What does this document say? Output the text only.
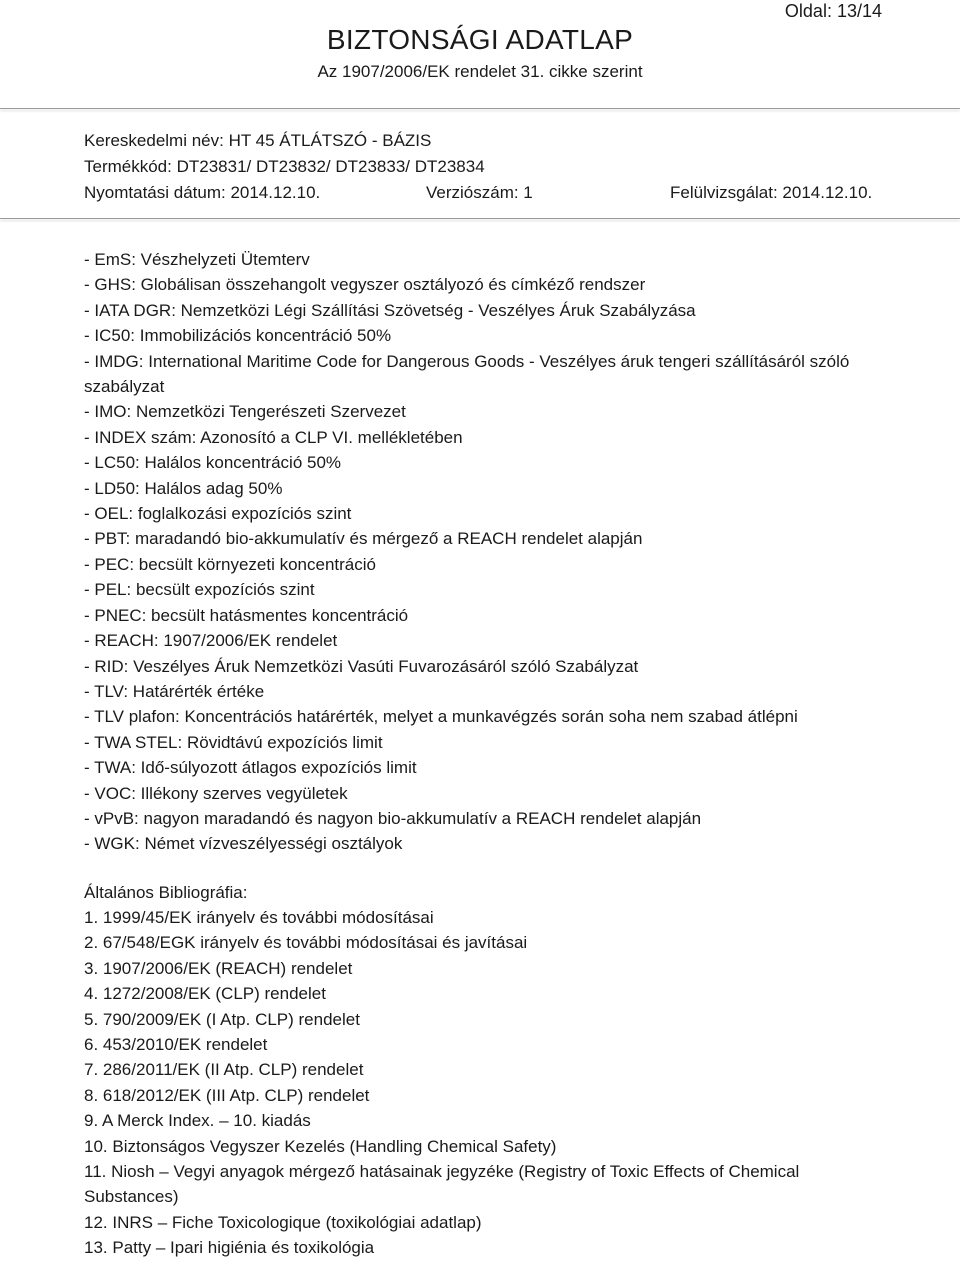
Oldal: 13/14
BIZTONSÁGI ADATLAP
Az 1907/2006/EK rendelet 31. cikke szerint
Kereskedelmi név: HT 45 ÁTLÁTSZÓ - BÁZIS
Termékkód: DT23831/ DT23832/ DT23833/ DT23834
Nyomtatási dátum: 2014.12.10.	Verziószám: 1	Felülvizsgálat: 2014.12.10.
- EmS: Vészhelyzeti Ütemterv
- GHS: Globálisan összehangolt vegyszer osztályozó és címkéző rendszer
- IATA DGR: Nemzetközi Légi Szállítási Szövetség - Veszélyes Áruk Szabályzása
- IC50: Immobilizációs koncentráció 50%
- IMDG: International Maritime Code for Dangerous Goods - Veszélyes áruk tengeri szállításáról szóló szabályzat
- IMO: Nemzetközi Tengerészeti Szervezet
- INDEX szám: Azonosító a CLP VI. mellékletében
- LC50: Halálos koncentráció 50%
- LD50: Halálos adag 50%
- OEL: foglalkozási expozíciós szint
- PBT: maradandó bio-akkumulatív és mérgező a REACH rendelet alapján
- PEC: becsült környezeti koncentráció
- PEL: becsült expozíciós szint
- PNEC: becsült hatásmentes koncentráció
- REACH: 1907/2006/EK rendelet
- RID: Veszélyes Áruk Nemzetközi Vasúti Fuvarozásáról szóló Szabályzat
- TLV: Határérték értéke
- TLV plafon: Koncentrációs határérték, melyet a munkavégzés során soha nem szabad átlépni
- TWA STEL: Rövidtávú expozíciós limit
- TWA: Idő-súlyozott átlagos expozíciós limit
- VOC: Illékony szerves vegyületek
- vPvB: nagyon maradandó és nagyon bio-akkumulatív a REACH rendelet alapján
- WGK: Német vízveszélyességi osztályok
Általános Bibliográfia:
1. 1999/45/EK irányelv és további módosításai
2. 67/548/EGK irányelv és további módosításai és javításai
3. 1907/2006/EK (REACH) rendelet
4. 1272/2008/EK (CLP) rendelet
5. 790/2009/EK (I Atp. CLP) rendelet
6. 453/2010/EK rendelet
7. 286/2011/EK (II Atp. CLP) rendelet
8. 618/2012/EK (III Atp. CLP) rendelet
9. A Merck Index. – 10. kiadás
10. Biztonságos Vegyszer Kezelés (Handling Chemical Safety)
11. Niosh – Vegyi anyagok mérgező hatásainak jegyzéke (Registry of Toxic Effects of Chemical Substances)
12. INRS – Fiche Toxicologique (toxikológiai adatlap)
13. Patty – Ipari higiénia és toxikológia
